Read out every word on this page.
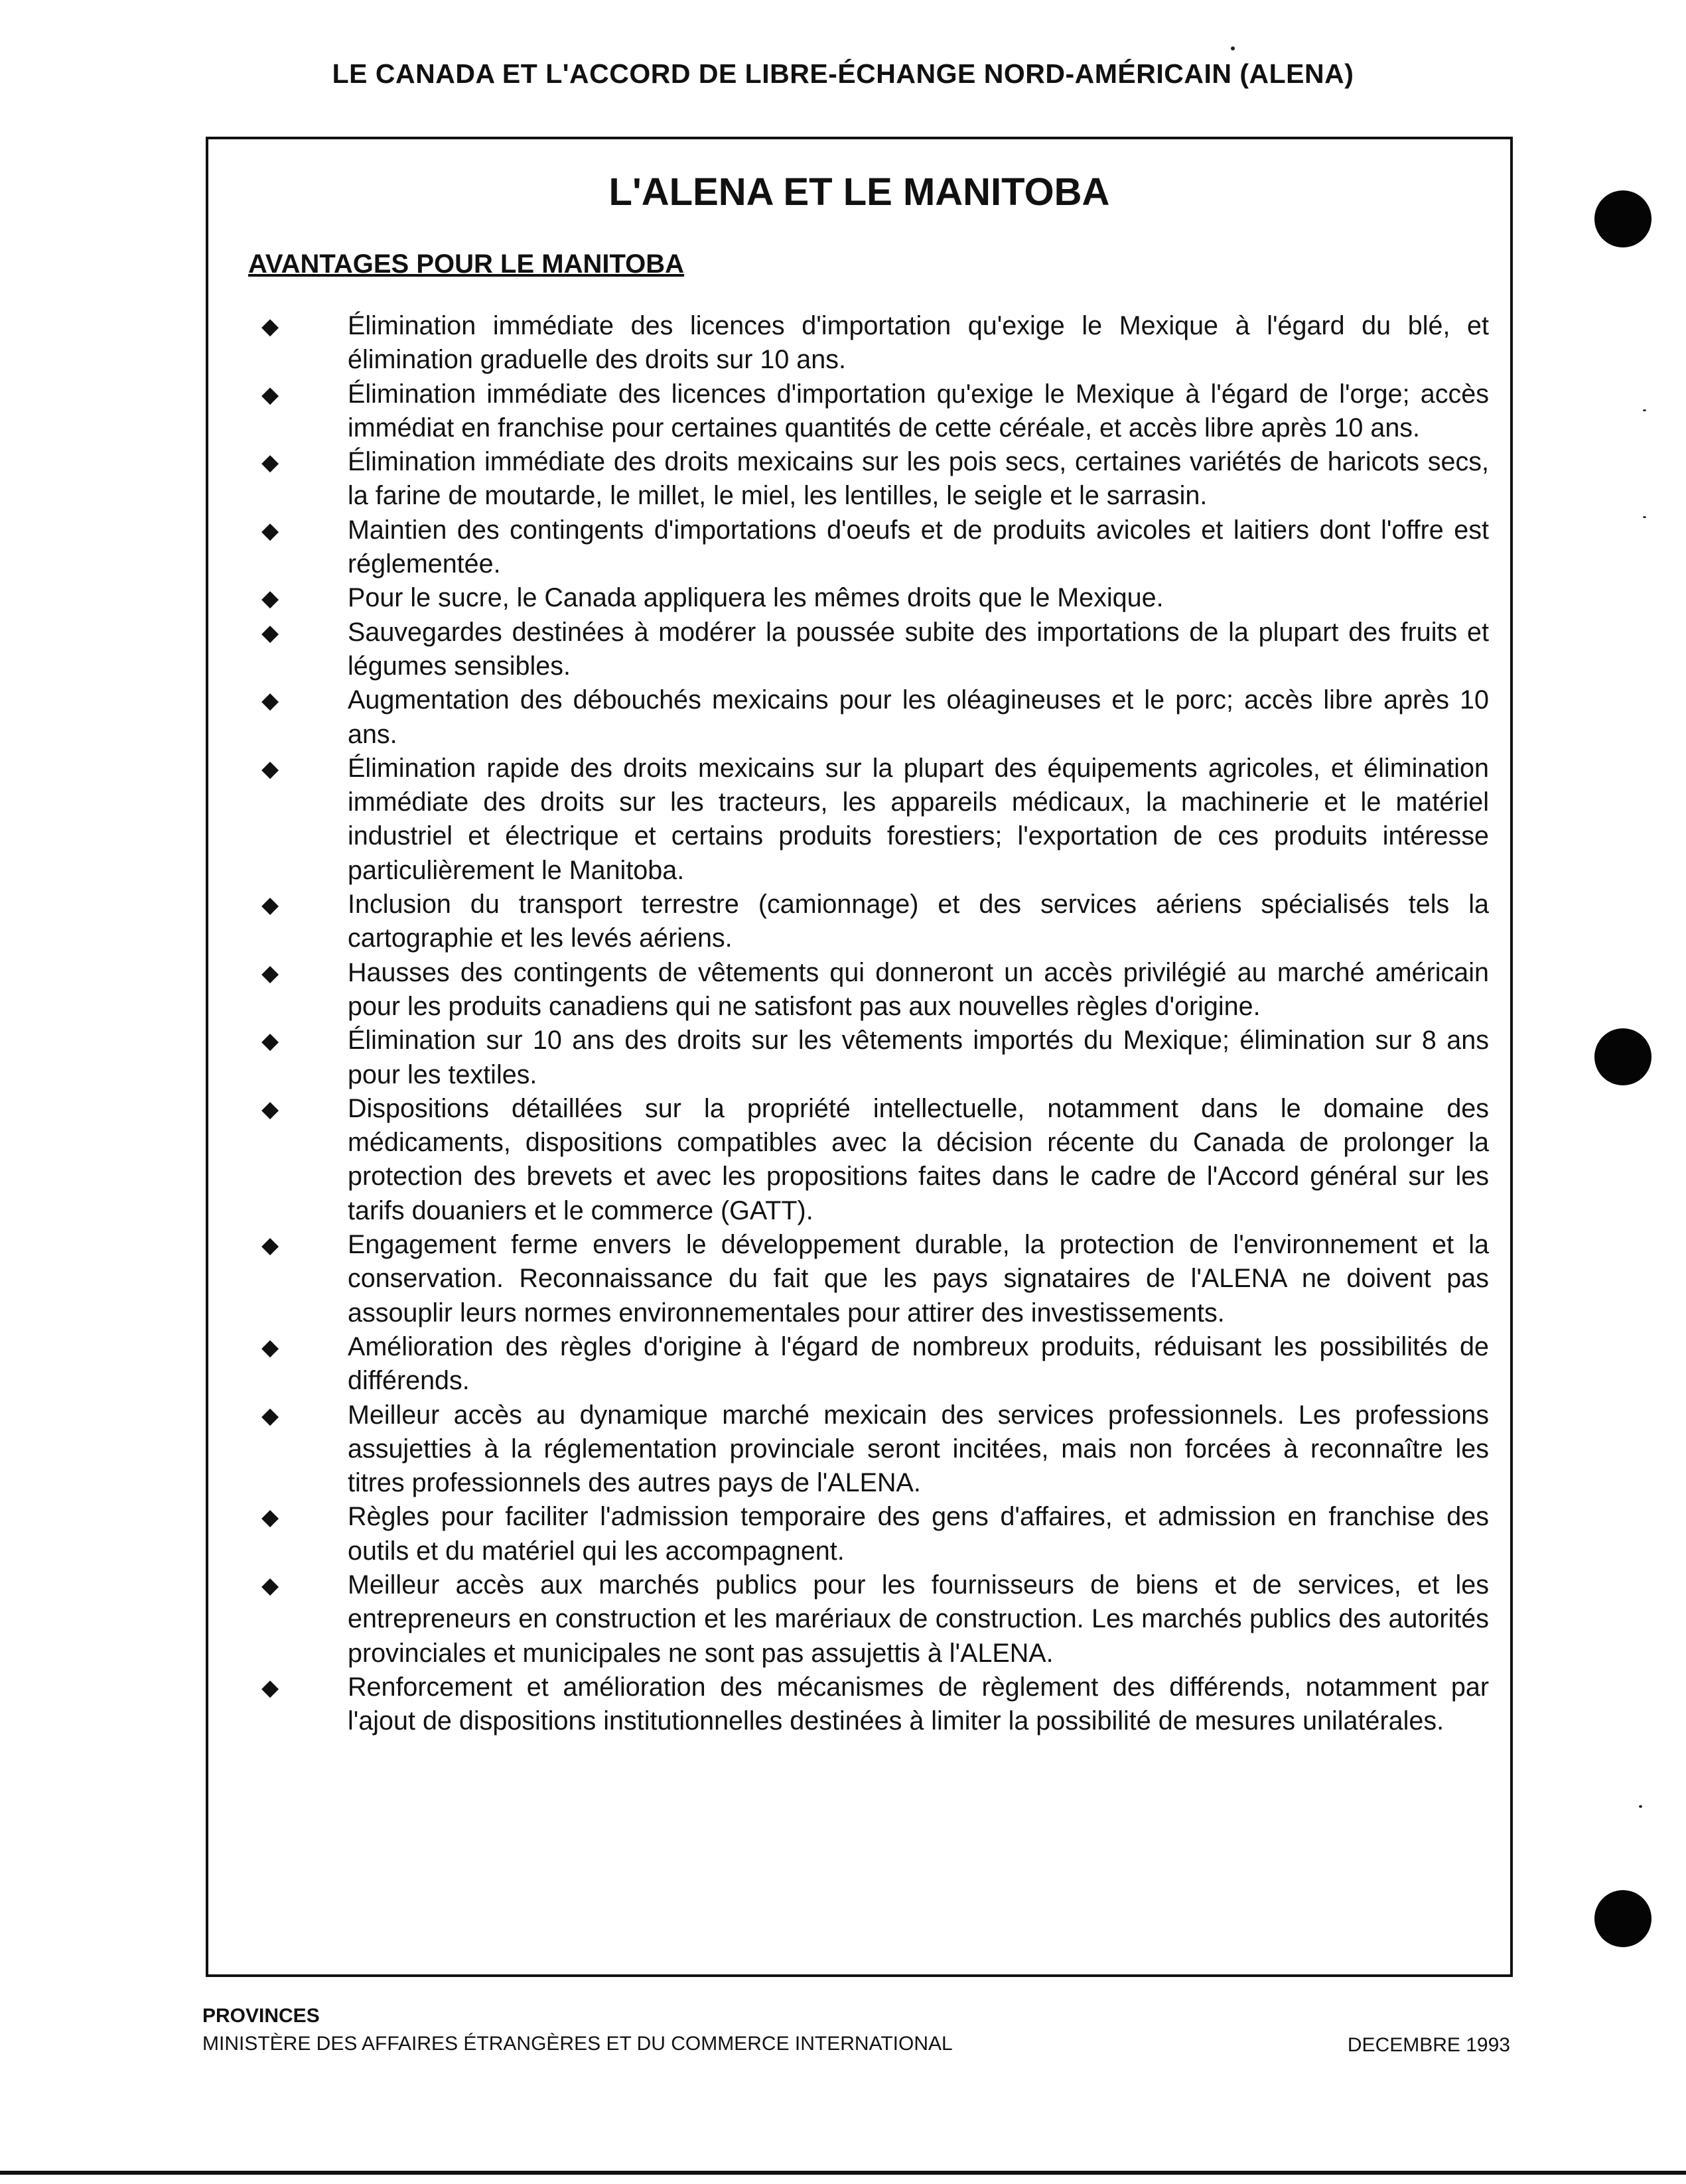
LE CANADA ET L'ACCORD DE LIBRE-ÉCHANGE NORD-AMÉRICAIN (ALENA)
L'ALENA ET LE MANITOBA
AVANTAGES POUR LE MANITOBA
◆	Élimination immédiate des licences d'importation qu'exige le Mexique à l'égard du blé, et élimination graduelle des droits sur 10 ans.
◆	Élimination immédiate des licences d'importation qu'exige le Mexique à l'égard de l'orge; accès immédiat en franchise pour certaines quantités de cette céréale, et accès libre après 10 ans.
◆	Élimination immédiate des droits mexicains sur les pois secs, certaines variétés de haricots secs, la farine de moutarde, le millet, le miel, les lentilles, le seigle et le sarrasin.
◆	Maintien des contingents d'importations d'oeufs et de produits avicoles et laitiers dont l'offre est réglementée.
◆	Pour le sucre, le Canada appliquera les mêmes droits que le Mexique.
◆	Sauvegardes destinées à modérer la poussée subite des importations de la plupart des fruits et légumes sensibles.
◆	Augmentation des débouchés mexicains pour les oléagineuses et le porc; accès libre après 10 ans.
◆	Élimination rapide des droits mexicains sur la plupart des équipements agricoles, et élimination immédiate des droits sur les tracteurs, les appareils médicaux, la machinerie et le matériel industriel et électrique et certains produits forestiers; l'exportation de ces produits intéresse particulièrement le Manitoba.
◆	Inclusion du transport terrestre (camionnage) et des services aériens spécialisés tels la cartographie et les levés aériens.
◆	Hausses des contingents de vêtements qui donneront un accès privilégié au marché américain pour les produits canadiens qui ne satisfont pas aux nouvelles règles d'origine.
◆	Élimination sur 10 ans des droits sur les vêtements importés du Mexique; élimination sur 8 ans pour les textiles.
◆	Dispositions détaillées sur la propriété intellectuelle, notamment dans le domaine des médicaments, dispositions compatibles avec la décision récente du Canada de prolonger la protection des brevets et avec les propositions faites dans le cadre de l'Accord général sur les tarifs douaniers et le commerce (GATT).
◆	Engagement ferme envers le développement durable, la protection de l'environnement et la conservation. Reconnaissance du fait que les pays signataires de l'ALENA ne doivent pas assouplir leurs normes environnementales pour attirer des investissements.
◆	Amélioration des règles d'origine à l'égard de nombreux produits, réduisant les possibilités de différends.
◆	Meilleur accès au dynamique marché mexicain des services professionnels. Les professions assujetties à la réglementation provinciale seront incitées, mais non forcées à reconnaître les titres professionnels des autres pays de l'ALENA.
◆	Règles pour faciliter l'admission temporaire des gens d'affaires, et admission en franchise des outils et du matériel qui les accompagnent.
◆	Meilleur accès aux marchés publics pour les fournisseurs de biens et de services, et les entrepreneurs en construction et les marériaux de construction. Les marchés publics des autorités provinciales et municipales ne sont pas assujettis à l'ALENA.
◆	Renforcement et amélioration des mécanismes de règlement des différends, notamment par l'ajout de dispositions institutionnelles destinées à limiter la possibilité de mesures unilatérales.
PROVINCES
MINISTÈRE DES AFFAIRES ÉTRANGÈRES ET DU COMMERCE INTERNATIONAL	DECEMBRE 1993
